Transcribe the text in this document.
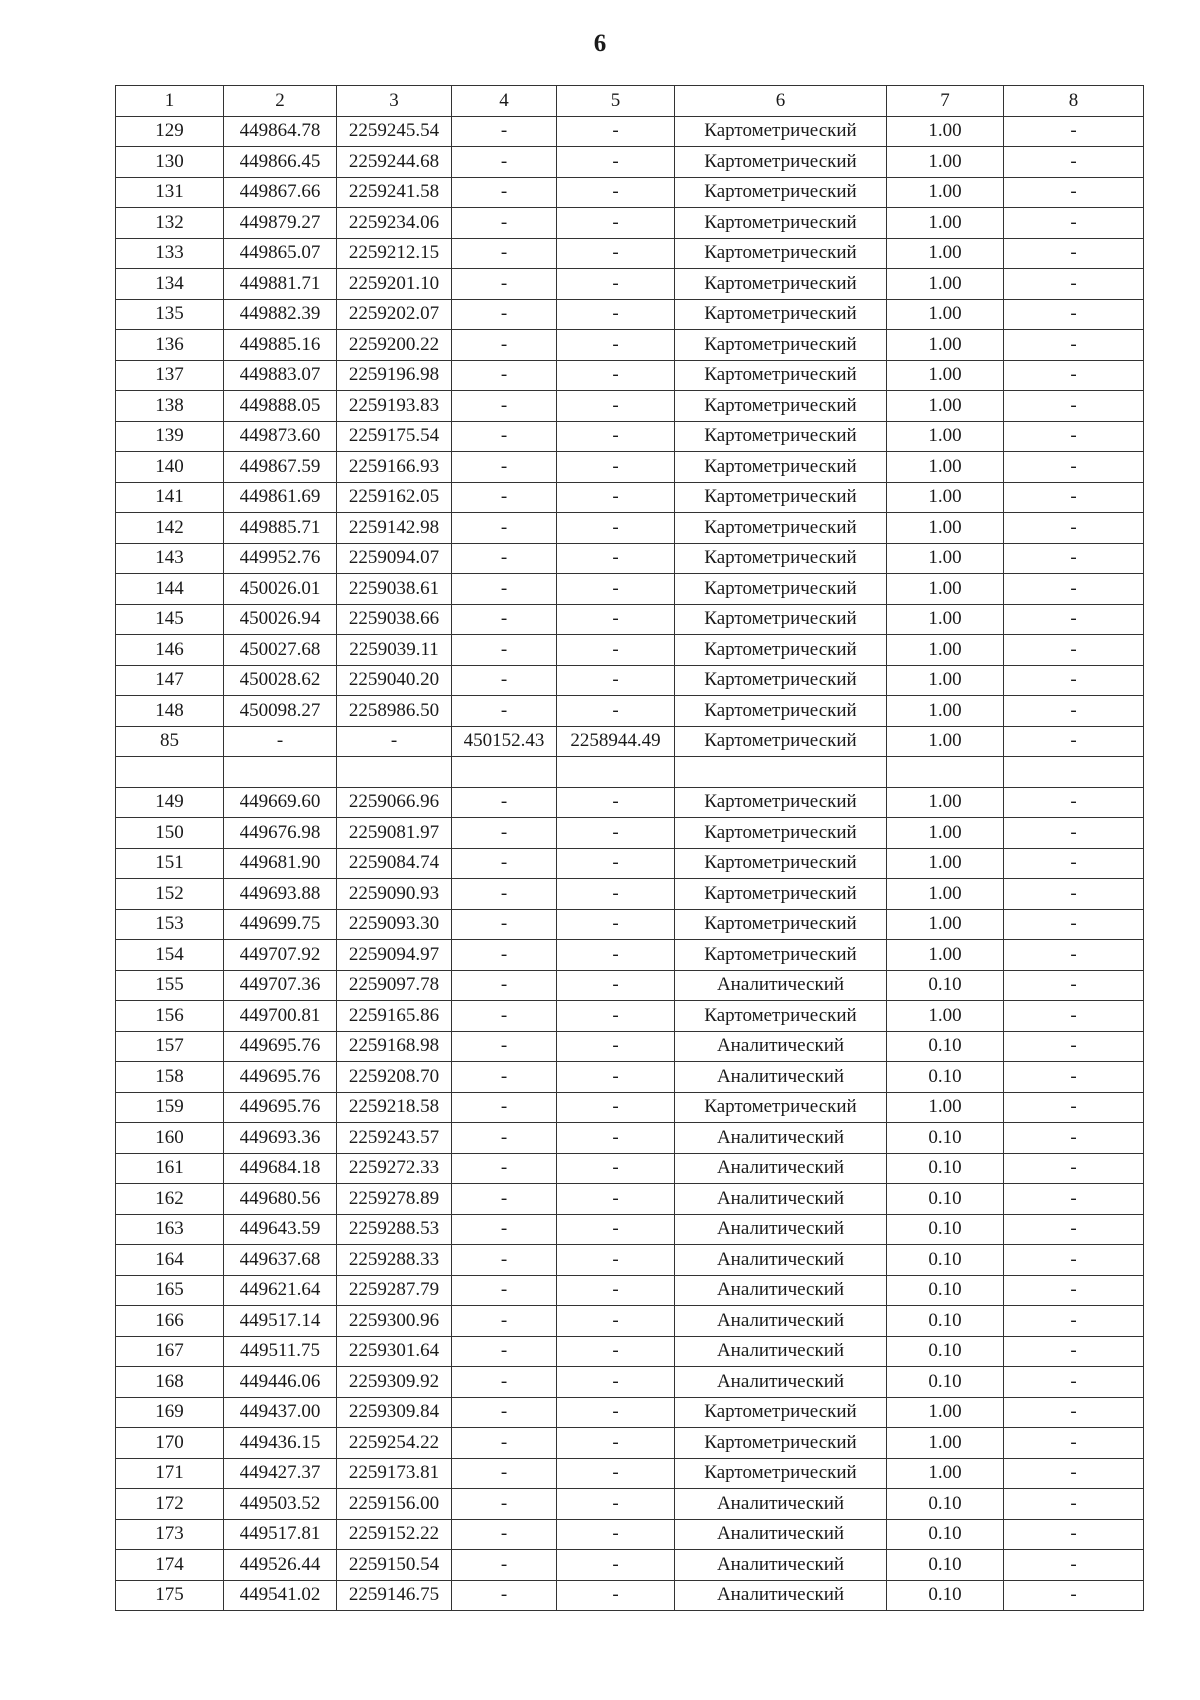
6
1	2	3	4	5	6	7	8
129	449864.78	2259245.54	-	-	Картометрический	1.00	-
130	449866.45	2259244.68	-	-	Картометрический	1.00	-
131	449867.66	2259241.58	-	-	Картометрический	1.00	-
132	449879.27	2259234.06	-	-	Картометрический	1.00	-
133	449865.07	2259212.15	-	-	Картометрический	1.00	-
134	449881.71	2259201.10	-	-	Картометрический	1.00	-
135	449882.39	2259202.07	-	-	Картометрический	1.00	-
136	449885.16	2259200.22	-	-	Картометрический	1.00	-
137	449883.07	2259196.98	-	-	Картометрический	1.00	-
138	449888.05	2259193.83	-	-	Картометрический	1.00	-
139	449873.60	2259175.54	-	-	Картометрический	1.00	-
140	449867.59	2259166.93	-	-	Картометрический	1.00	-
141	449861.69	2259162.05	-	-	Картометрический	1.00	-
142	449885.71	2259142.98	-	-	Картометрический	1.00	-
143	449952.76	2259094.07	-	-	Картометрический	1.00	-
144	450026.01	2259038.61	-	-	Картометрический	1.00	-
145	450026.94	2259038.66	-	-	Картометрический	1.00	-
146	450027.68	2259039.11	-	-	Картометрический	1.00	-
147	450028.62	2259040.20	-	-	Картометрический	1.00	-
148	450098.27	2258986.50	-	-	Картометрический	1.00	-
85	-	-	450152.43	2258944.49	Картометрический	1.00	-

149	449669.60	2259066.96	-	-	Картометрический	1.00	-
150	449676.98	2259081.97	-	-	Картометрический	1.00	-
151	449681.90	2259084.74	-	-	Картометрический	1.00	-
152	449693.88	2259090.93	-	-	Картометрический	1.00	-
153	449699.75	2259093.30	-	-	Картометрический	1.00	-
154	449707.92	2259094.97	-	-	Картометрический	1.00	-
155	449707.36	2259097.78	-	-	Аналитический	0.10	-
156	449700.81	2259165.86	-	-	Картометрический	1.00	-
157	449695.76	2259168.98	-	-	Аналитический	0.10	-
158	449695.76	2259208.70	-	-	Аналитический	0.10	-
159	449695.76	2259218.58	-	-	Картометрический	1.00	-
160	449693.36	2259243.57	-	-	Аналитический	0.10	-
161	449684.18	2259272.33	-	-	Аналитический	0.10	-
162	449680.56	2259278.89	-	-	Аналитический	0.10	-
163	449643.59	2259288.53	-	-	Аналитический	0.10	-
164	449637.68	2259288.33	-	-	Аналитический	0.10	-
165	449621.64	2259287.79	-	-	Аналитический	0.10	-
166	449517.14	2259300.96	-	-	Аналитический	0.10	-
167	449511.75	2259301.64	-	-	Аналитический	0.10	-
168	449446.06	2259309.92	-	-	Аналитический	0.10	-
169	449437.00	2259309.84	-	-	Картометрический	1.00	-
170	449436.15	2259254.22	-	-	Картометрический	1.00	-
171	449427.37	2259173.81	-	-	Картометрический	1.00	-
172	449503.52	2259156.00	-	-	Аналитический	0.10	-
173	449517.81	2259152.22	-	-	Аналитический	0.10	-
174	449526.44	2259150.54	-	-	Аналитический	0.10	-
175	449541.02	2259146.75	-	-	Аналитический	0.10	-
